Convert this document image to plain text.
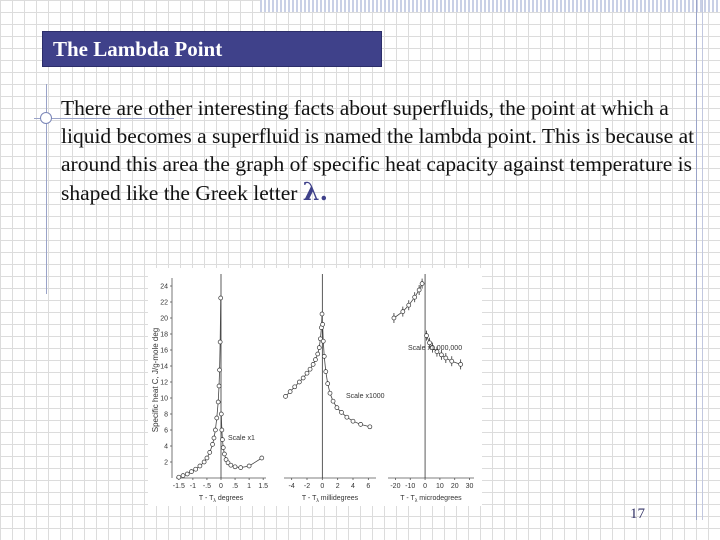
The Lambda Point

There are other interesting facts about superfluids, the point at which a liquid becomes a superfluid is named the lambda point. This is because at around this area the graph of specific heat capacity against temperature is shaped like the Greek letter λ.

Specific heat C, J/g-mole deg
2
4
6
8
10
12
14
16
18
20
22
24
-1.5 -1 -.5 0 .5 1 1.5
T - $T_\lambda$ degrees
Scale x1
-4 -2 0 2 4 6
T - $T_\lambda$ millidegrees
Scale x1000
-20 -10 0 10 20 30
T - $T_\lambda$ microdegrees
Scale x1,000,000
17
